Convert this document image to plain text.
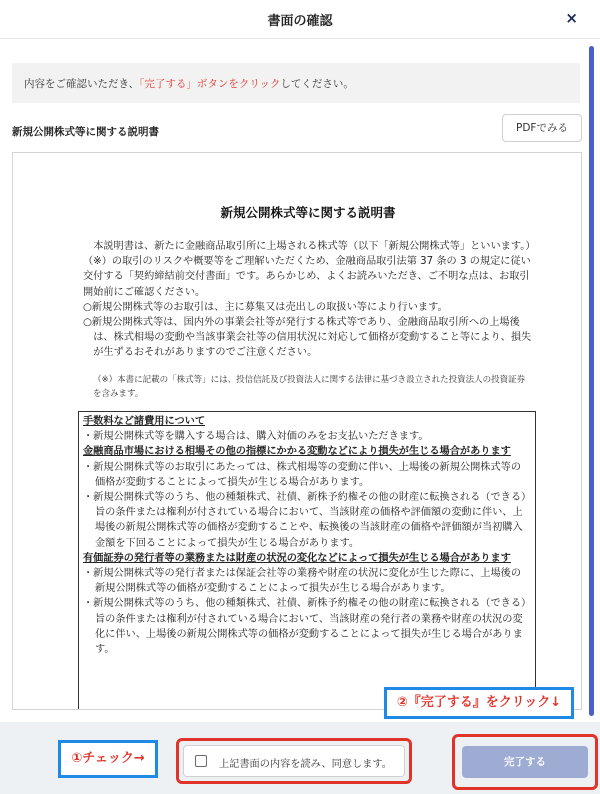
書面の確認	×
内容をご確認いただき、「完了する」ボタンをクリックしてください。
新規公開株式等に関する説明書	PDFでみる
新規公開株式等に関する説明書

本説明書は、新たに金融商品取引所に上場される株式等（以下「新規公開株式等」といいます。）（※）の取引のリスクや概要等をご理解いただくため、金融商品取引法第 37 条の 3 の規定に従い交付する「契約締結前交付書面」です。あらかじめ、よくお読みいただき、ご不明な点は、お取引開始前にご確認ください。

○新規公開株式等のお取引は、主に募集又は売出しの取扱い等により行います。

○新規公開株式等は、国内外の事業会社等が発行する株式等であり、金融商品取引所への上場後は、株式相場の変動や当該事業会社等の信用状況に対応して価格が変動すること等により、損失が生ずるおそれがありますのでご注意ください。

（※）本書に記載の「株式等」には、投信信託及び投資法人に関する法律に基づき設立された投資法人の投資証券を含みます。
手数料など諸費用について
・新規公開株式等を購入する場合は、購入対価のみをお支払いただきます。
金融商品市場における相場その他の指標にかかる変動などにより損失が生じる場合があります
・新規公開株式等のお取引にあたっては、株式相場等の変動に伴い、上場後の新規公開株式等の価格が変動することによって損失が生じる場合があります。
・新規公開株式等のうち、他の種類株式、社債、新株予約権その他の財産に転換される（できる）旨の条件または権利が付されている場合において、当該財産の価格や評価額の変動に伴い、上場後の新規公開株式等の価格が変動することや、転換後の当該財産の価格や評価額が当初購入金額を下回ることによって損失が生じる場合があります。
有価証券の発行者等の業務または財産の状況の変化などによって損失が生じる場合があります
・新規公開株式等の発行者または保証会社等の業務や財産の状況に変化が生じた際に、上場後の新規公開株式等の価格が変動することによって損失が生じる場合があります。
・新規公開株式等のうち、他の種類株式、社債、新株予約権その他の財産に転換される（できる）旨の条件または権利が付されている場合において、当該財産の発行者の業務や財産の状況の変化に伴い、上場後の新規公開株式等の価格が変動することによって損失が生じる場合があります。
①チェック→	上記書面の内容を読み、同意します。	完了する
②『完了する』をクリック↓
